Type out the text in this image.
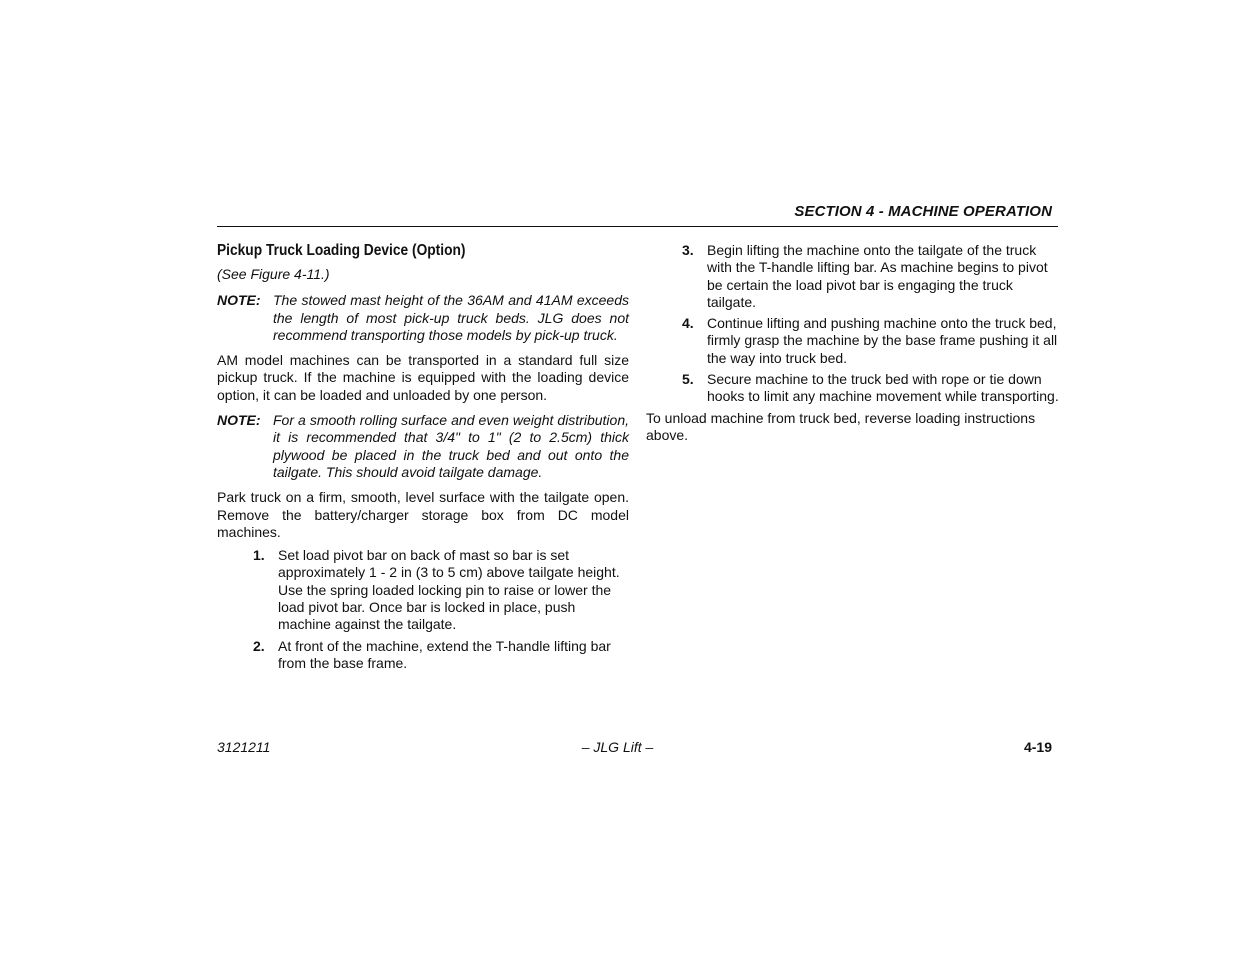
SECTION 4 - MACHINE OPERATION
Pickup Truck Loading Device (Option)
(See Figure 4-11.)
NOTE: The stowed mast height of the 36AM and 41AM exceeds the length of most pick-up truck beds. JLG does not recommend transporting those models by pick-up truck.
AM model machines can be transported in a standard full size pickup truck. If the machine is equipped with the loading device option, it can be loaded and unloaded by one person.
NOTE: For a smooth rolling surface and even weight distribution, it is recommended that 3/4" to 1" (2 to 2.5cm) thick plywood be placed in the truck bed and out onto the tailgate. This should avoid tailgate damage.
Park truck on a firm, smooth, level surface with the tailgate open. Remove the battery/charger storage box from DC model machines.
1. Set load pivot bar on back of mast so bar is set approximately 1 - 2 in (3 to 5 cm) above tailgate height. Use the spring loaded locking pin to raise or lower the load pivot bar. Once bar is locked in place, push machine against the tailgate.
2. At front of the machine, extend the T-handle lifting bar from the base frame.
3. Begin lifting the machine onto the tailgate of the truck with the T-handle lifting bar. As machine begins to pivot be certain the load pivot bar is engaging the truck tailgate.
4. Continue lifting and pushing machine onto the truck bed, firmly grasp the machine by the base frame pushing it all the way into truck bed.
5. Secure machine to the truck bed with rope or tie down hooks to limit any machine movement while transporting.
To unload machine from truck bed, reverse loading instructions above.
3121211	– JLG Lift –	4-19
